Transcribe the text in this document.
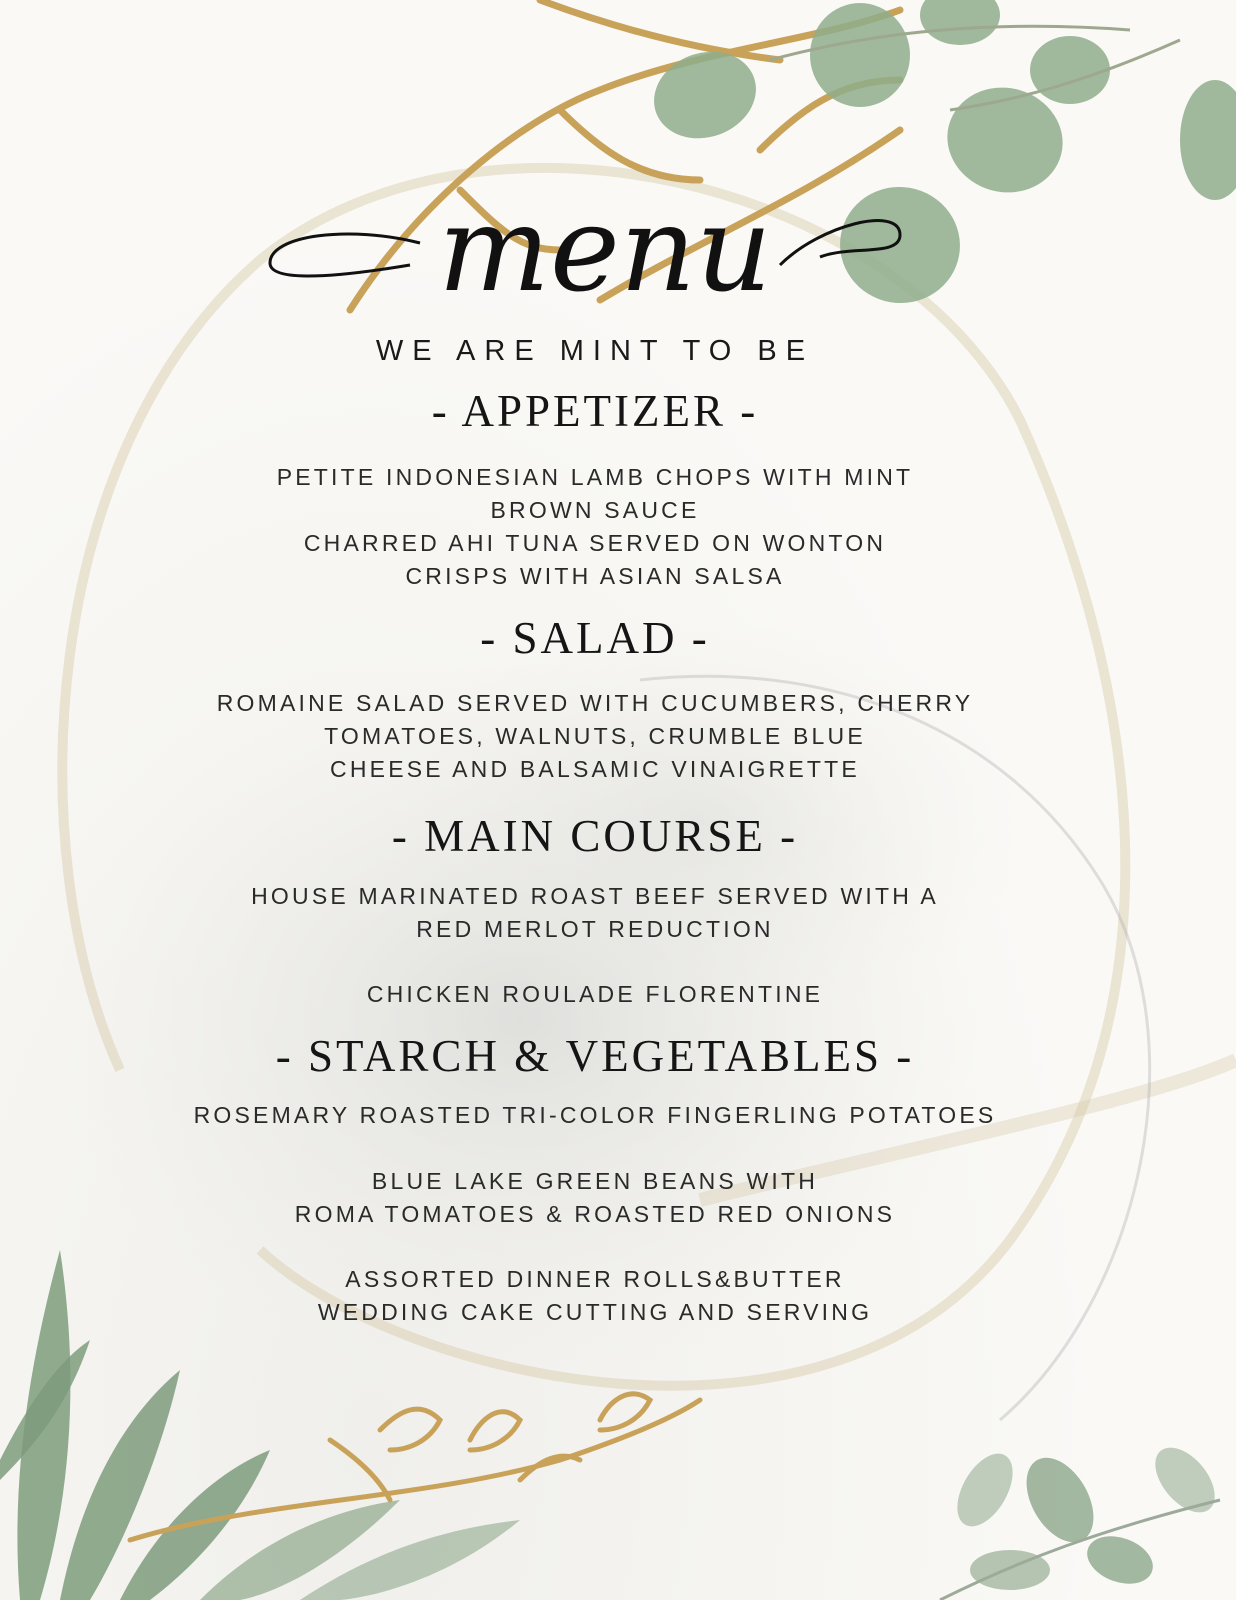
menu
WE ARE MINT TO BE
- APPETIZER -
PETITE INDONESIAN LAMB CHOPS WITH MINT
BROWN SAUCE
CHARRED AHI TUNA SERVED ON WONTON
CRISPS WITH ASIAN SALSA
- SALAD -
ROMAINE SALAD SERVED WITH CUCUMBERS, CHERRY
TOMATOES, WALNUTS, CRUMBLE BLUE
CHEESE AND BALSAMIC VINAIGRETTE
- MAIN COURSE -
HOUSE MARINATED ROAST BEEF SERVED WITH A
RED MERLOT REDUCTION
CHICKEN ROULADE FLORENTINE
- STARCH & VEGETABLES -
ROSEMARY ROASTED TRI-COLOR FINGERLING POTATOES
BLUE LAKE GREEN BEANS WITH
ROMA TOMATOES & ROASTED RED ONIONS
ASSORTED DINNER ROLLS&BUTTER
WEDDING CAKE CUTTING AND SERVING
